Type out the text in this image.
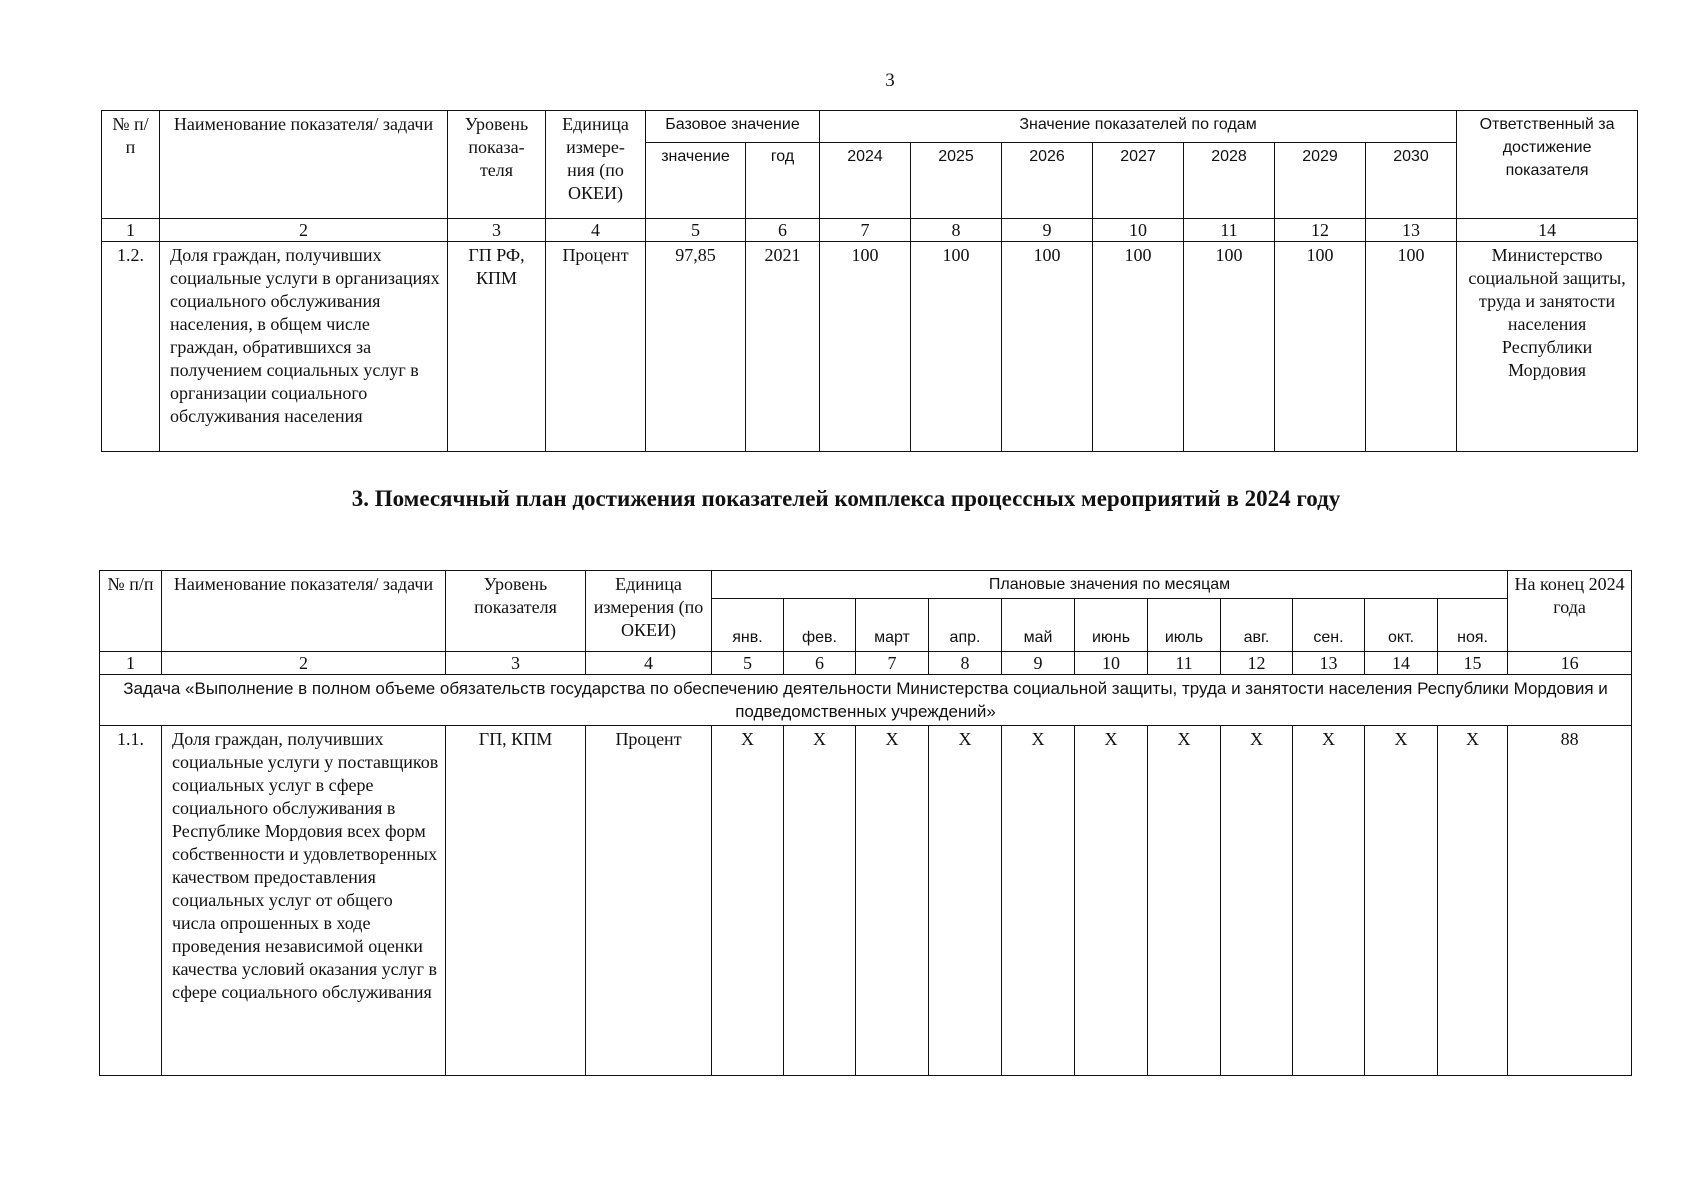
3
№ п/п	Наименование показателя/ задачи	Уровень показа- теля	Единица измере- ния (по ОКЕИ)	Базовое значение		Значение показателей по годам							Ответственный за достижение показателя
				значение	год	2024	2025	2026	2027	2028	2029	2030	
1	2	3	4	5	6	7	8	9	10	11	12	13	14
1.2.	Доля граждан, получивших социальные услуги в организациях социального обслуживания населения, в общем числе граждан, обратившихся за получением социальных услуг в организации социального обслуживания населения	ГП РФ, КПМ	Процент	97,85	2021	100	100	100	100	100	100	100	Министерство социальной защиты, труда и занятости населения Республики Мордовия
3. Помесячный план достижения показателей комплекса процессных мероприятий в 2024 году
№ п/п	Наименование показателя/ задачи	Уровень показателя	Единица измерения (по ОКЕИ)	Плановые значения по месяцам											На конец 2024 года
				янв.	фев.	март	апр.	май	июнь	июль	авг.	сен.	окт.	ноя.	
1	2	3	4	5	6	7	8	9	10	11	12	13	14	15	16
Задача «Выполнение в полном объеме обязательств государства по обеспечению деятельности Министерства социальной защиты, труда и занятости населения Республики Мордовия и подведомственных учреждений»															
1.1.	Доля граждан, получивших социальные услуги у поставщиков социальных услуг в сфере социального обслуживания в Республике Мордовия всех форм собственности и удовлетворенных качеством предоставления социальных услуг от общего числа опрошенных в ходе проведения независимой оценки качества условий оказания услуг в сфере социального обслуживания	ГП, КПМ	Процент	X	X	X	X	X	X	X	X	X	X	X	88
